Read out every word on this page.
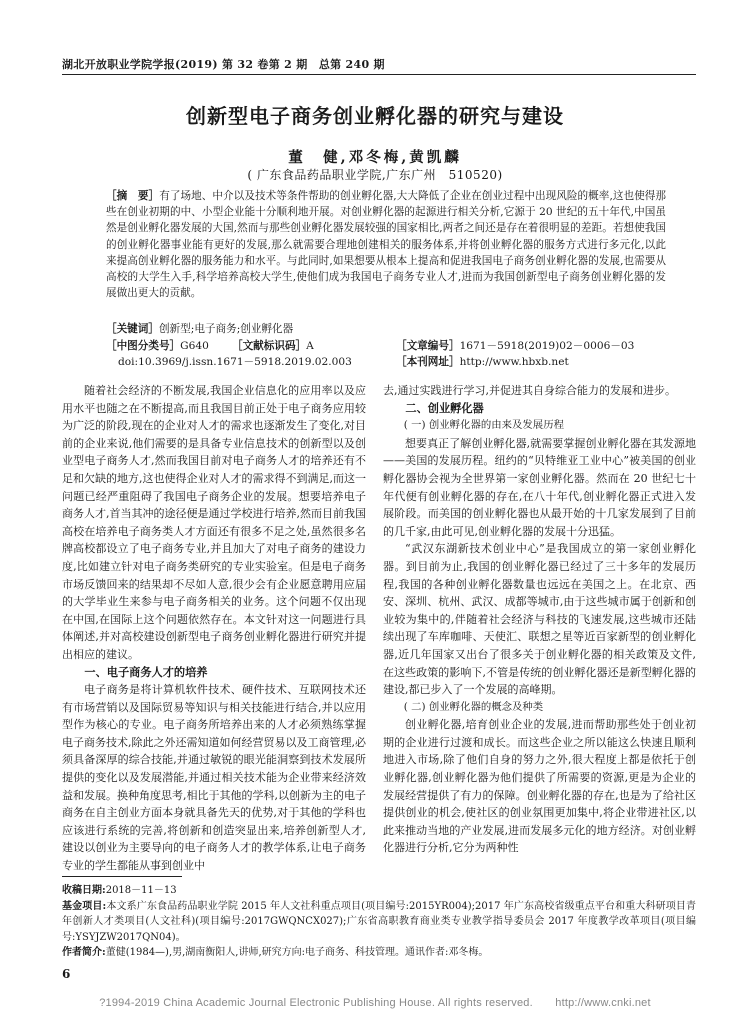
湖北开放职业学院学报(2019) 第 32 卷第 2 期　总第 240 期
创新型电子商务创业孵化器的研究与建设
董　健,邓冬梅,黄凯麟
( 广东食品药品职业学院,广东广州　510520)
［摘　要］有了场地、中介以及技术等条件帮助的创业孵化器,大大降低了企业在创业过程中出现风险的概率,这也使得那些在创业初期的中、小型企业能十分顺利地开展。对创业孵化器的起源进行相关分析,它源于 20 世纪的五十年代,中国虽然是创业孵化器发展的大国,然而与那些创业孵化器发展较强的国家相比,两者之间还是存在着很明显的差距。若想使我国的创业孵化器事业能有更好的发展,那么就需要合理地创建相关的服务体系,并将创业孵化器的服务方式进行多元化,以此来提高创业孵化器的服务能力和水平。与此同时,如果想要从根本上提高和促进我国电子商务创业孵化器的发展,也需要从高校的大学生入手,科学培养高校大学生,使他们成为我国电子商务专业人才,进而为我国创新型电子商务创业孵化器的发展做出更大的贡献。
［关键词］创新型;电子商务;创业孵化器
［中图分类号］G640 ［文献标识码］A	［文章编号］1671－5918(2019)02－0006－03
doi:10.3969/j.issn.1671－5918.2019.02.003	［本刊网址］http://www.hbxb.net

随着社会经济的不断发展,我国企业信息化的应用率以及应用水平也随之在不断提高,而且我国目前正处于电子商务应用较为广泛的阶段,现在的企业对人才的需求也逐渐发生了变化,对目前的企业来说,他们需要的是具备专业信息技术的创新型以及创业型电子商务人才,然而我国目前对电子商务人才的培养还有不足和欠缺的地方,这也使得企业对人才的需求得不到满足,而这一问题已经严重阻碍了我国电子商务企业的发展。想要培养电子商务人才,首当其冲的途径便是通过学校进行培养,然而目前我国高校在培养电子商务类人才方面还有很多不足之处,虽然很多名牌高校都设立了电子商务专业,并且加大了对电子商务的建设力度,比如建立针对电子商务类研究的专业实验室。但是电子商务市场反馈回来的结果却不尽如人意,很少会有企业愿意聘用应届的大学毕业生来参与电子商务相关的业务。这个问题不仅出现在中国,在国际上这个问题依然存在。本文针对这一问题进行具体阐述,并对高校建设创新型电子商务创业孵化器进行研究并提出相应的建议。

一、电子商务人才的培养

电子商务是将计算机软件技术、硬件技术、互联网技术还有市场营销以及国际贸易等知识与相关技能进行结合,并以应用型作为核心的专业。电子商务所培养出来的人才必须熟练掌握电子商务技术,除此之外还需知道如何经营贸易以及工商管理,必须具备深厚的综合技能,并通过敏锐的眼光能洞察到技术发展所提供的变化以及发展潜能,并通过相关技术能为企业带来经济效益和发展。换种角度思考,相比于其他的学科,以创新为主的电子商务在自主创业方面本身就具备先天的优势,对于其他的学科也应该进行系统的完善,将创新和创造突显出来,培养创新型人才,建设以创业为主要导向的电子商务人才的教学体系,让电子商务专业的学生都能从事到创业中

去,通过实践进行学习,并促进其自身综合能力的发展和进步。

二、创业孵化器
( 一) 创业孵化器的由来及发展历程

想要真正了解创业孵化器,就需要掌握创业孵化器在其发源地——美国的发展历程。纽约的“贝特维亚工业中心”被美国的创业孵化器协会视为全世界第一家创业孵化器。然而在 20 世纪七十年代便有创业孵化器的存在,在八十年代,创业孵化器正式进入发展阶段。而美国的创业孵化器也从最开始的十几家发展到了目前的几千家,由此可见,创业孵化器的发展十分迅猛。

“武汉东湖新技术创业中心”是我国成立的第一家创业孵化器。到目前为止,我国的创业孵化器已经过了三十多年的发展历程,我国的各种创业孵化器数量也远远在美国之上。在北京、西安、深圳、杭州、武汉、成都等城市,由于这些城市属于创新和创业较为集中的,伴随着社会经济与科技的飞速发展,这些城市还陆续出现了车库咖啡、天使汇、联想之星等近百家新型的创业孵化器,近几年国家又出台了很多关于创业孵化器的相关政策及文件,在这些政策的影响下,不管是传统的创业孵化器还是新型孵化器的建设,都已步入了一个发展的高峰期。

( 二) 创业孵化器的概念及种类

创业孵化器,培育创业企业的发展,进而帮助那些处于创业初期的企业进行过渡和成长。而这些企业之所以能这么快速且顺利地进入市场,除了他们自身的努力之外,很大程度上都是依托于创业孵化器,创业孵化器为他们提供了所需要的资源,更是为企业的发展经营提供了有力的保障。创业孵化器的存在,也是为了给社区提供创业的机会,使社区的创业氛围更加集中,将企业带进社区,以此来推动当地的产业发展,进而发展多元化的地方经济。对创业孵化器进行分析,它分为两种性

收稿日期:2018－11－13
基金项目:本文系广东食品药品职业学院 2015 年人文社科重点项目(项目编号:2015YR004);2017 年广东高校省级重点平台和重大科研项目青年创新人才类项目(人文社科)(项目编号:2017GWQNCX027);广东省高职教育商业类专业教学指导委员会 2017 年度教学改革项目(项目编号:YSYJZW2017QN04)。
作者简介:董健(1984—),男,湖南衡阳人,讲师,研究方向:电子商务、科技管理。通讯作者:邓冬梅。
6
?1994-2019 China Academic Journal Electronic Publishing House. All rights reserved.　　http://www.cnki.net
